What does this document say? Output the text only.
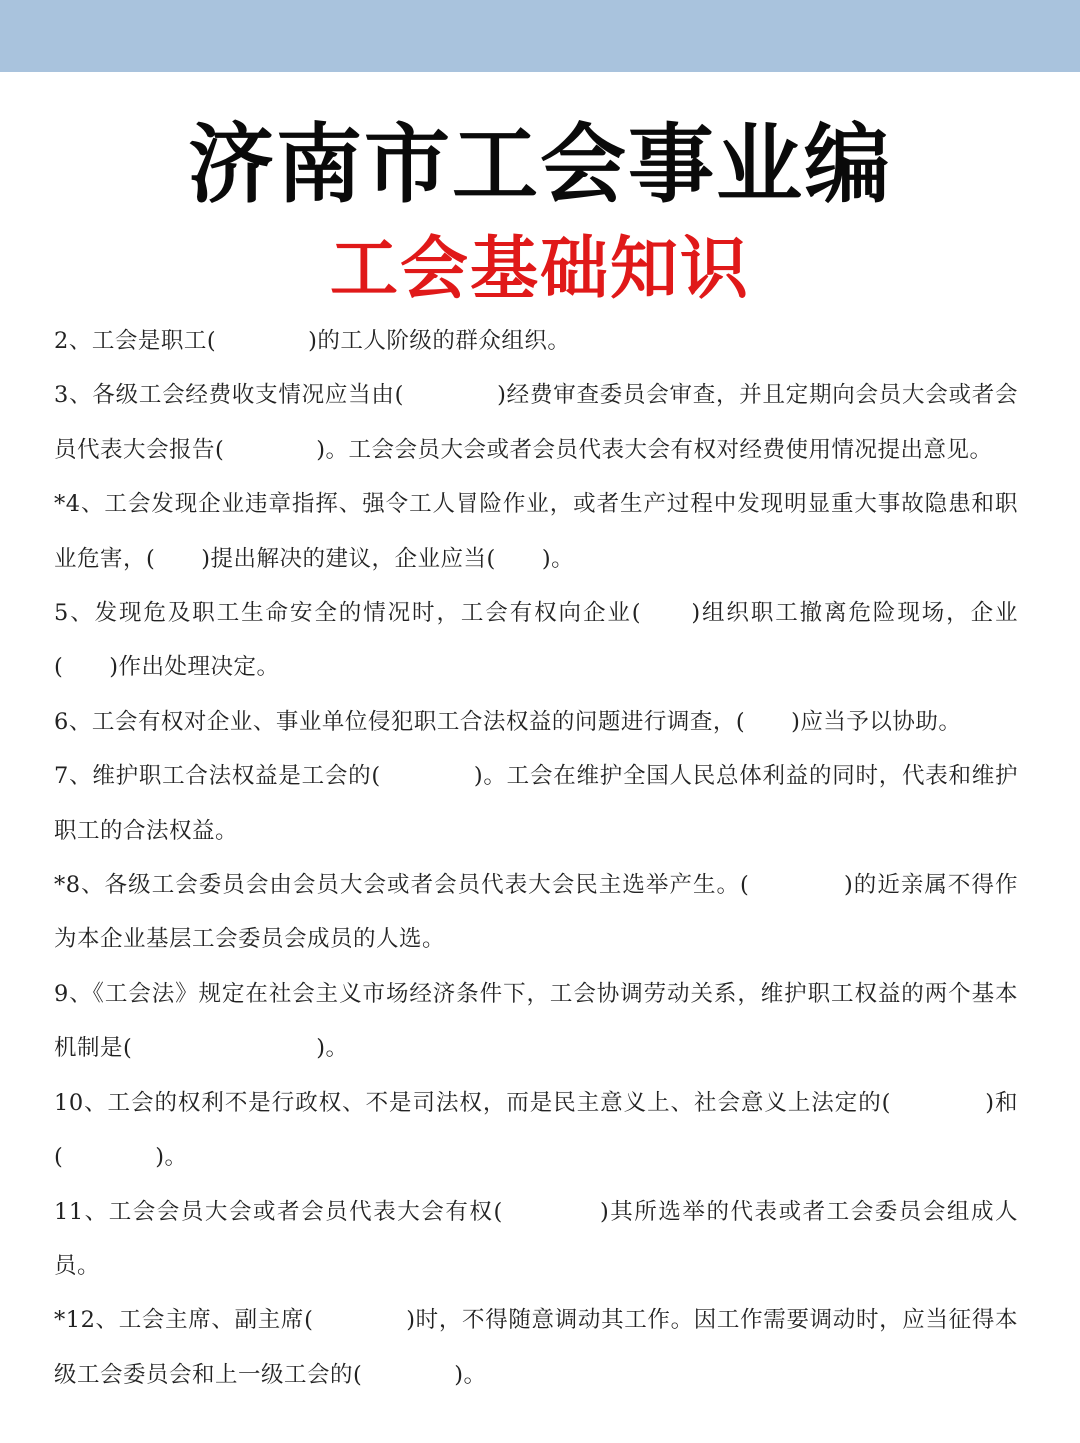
济南市工会事业编
工会基础知识
2、工会是职工(　　　　)的工人阶级的群众组织。
3、各级工会经费收支情况应当由(　　　　)经费审查委员会审查，并且定期向会员大会或者会员代表大会报告(　　　　)。工会会员大会或者会员代表大会有权对经费使用情况提出意见。
*4、工会发现企业违章指挥、强令工人冒险作业，或者生产过程中发现明显重大事故隐患和职业危害，(　　)提出解决的建议，企业应当(　　)。
5、发现危及职工生命安全的情况时，工会有权向企业(　　)组织职工撤离危险现场，企业(　　)作出处理决定。
6、工会有权对企业、事业单位侵犯职工合法权益的问题进行调查，(　　)应当予以协助。
7、维护职工合法权益是工会的(　　　　)。工会在维护全国人民总体利益的同时，代表和维护职工的合法权益。
*8、各级工会委员会由会员大会或者会员代表大会民主选举产生。(　　　　)的近亲属不得作为本企业基层工会委员会成员的人选。
9、《工会法》规定在社会主义市场经济条件下，工会协调劳动关系，维护职工权益的两个基本机制是(　　　　　　　　)。
10、工会的权利不是行政权、不是司法权，而是民主意义上、社会意义上法定的(　　　　)和(　　　　)。
11、工会会员大会或者会员代表大会有权(　　　　)其所选举的代表或者工会委员会组成人员。
*12、工会主席、副主席(　　　　)时，不得随意调动其工作。因工作需要调动时，应当征得本级工会委员会和上一级工会的(　　　　)。
